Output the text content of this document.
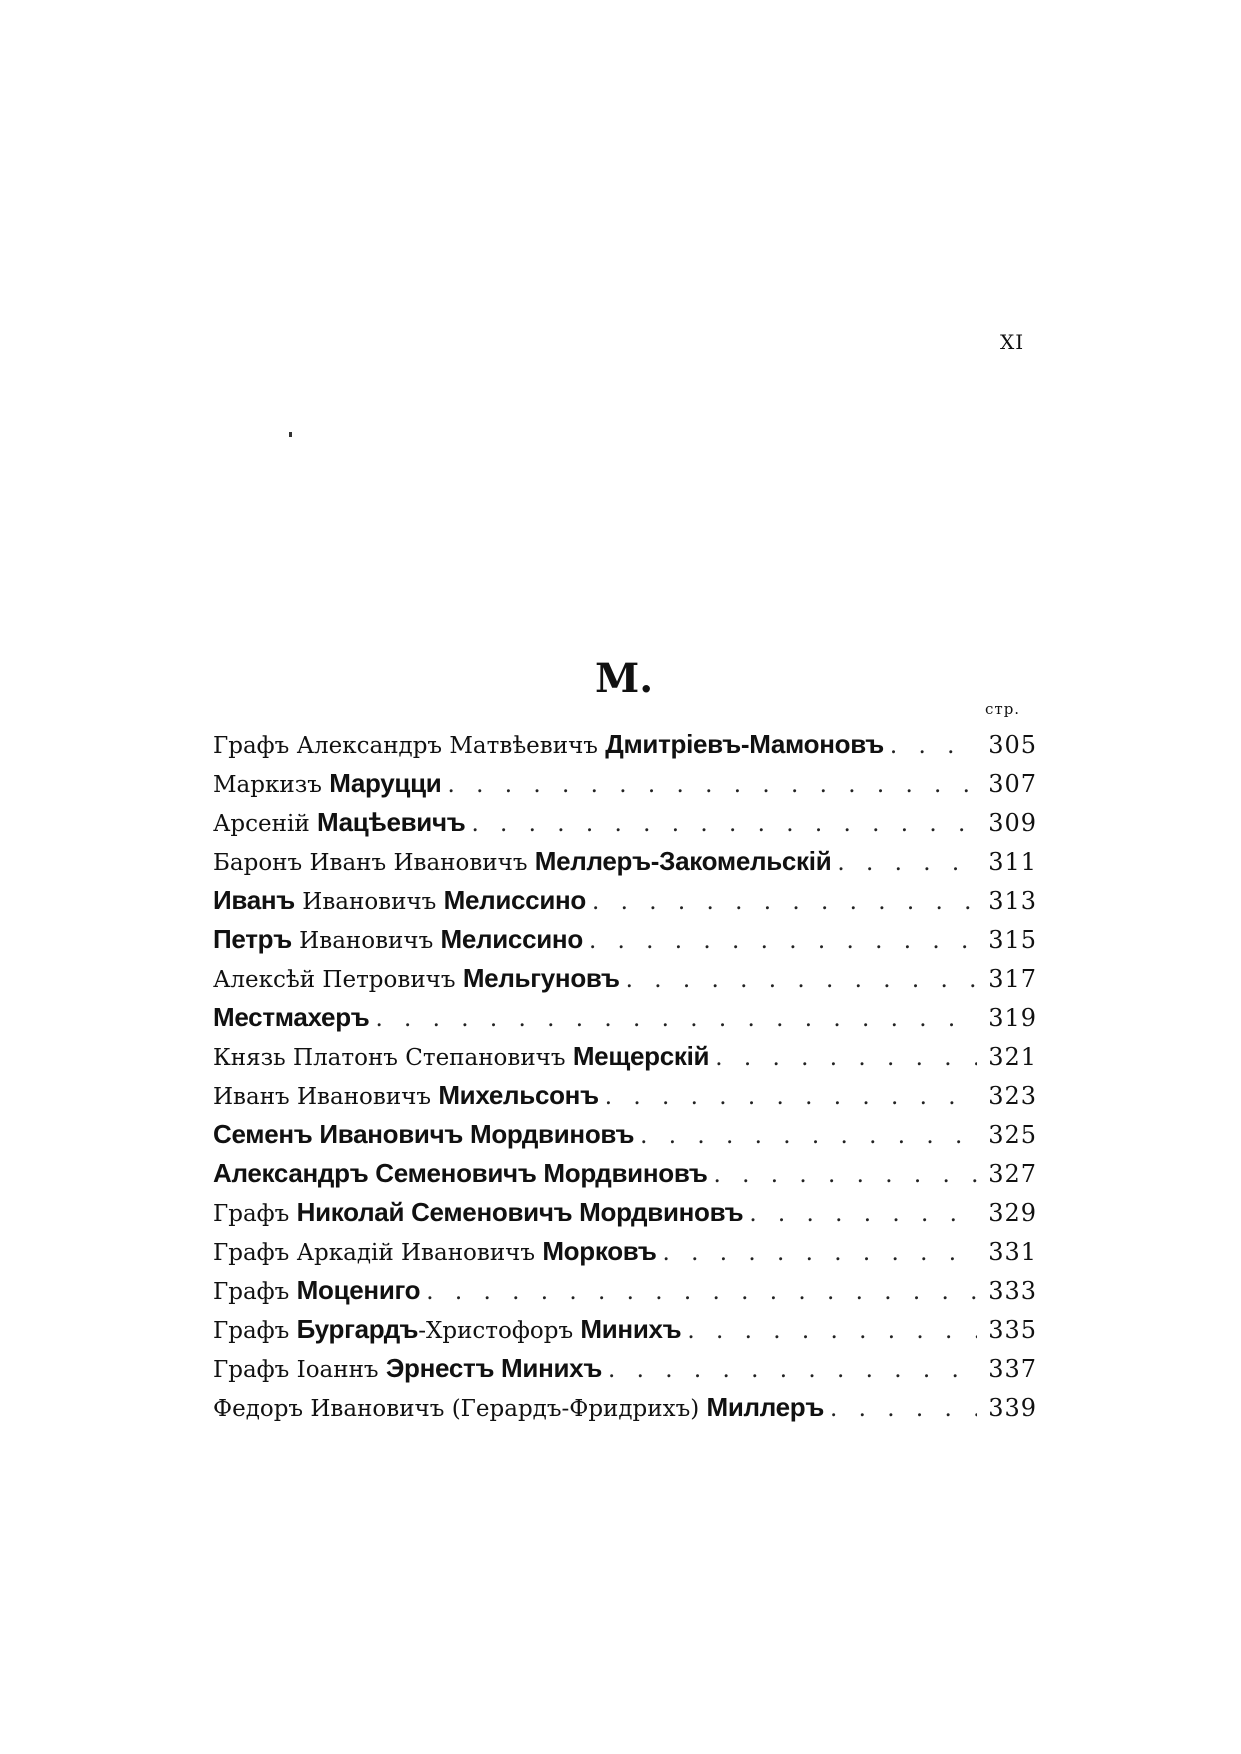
XI
М.
стр.
Графъ Александръ Матвѣевичъ Дмитріевъ-Мамоновъ . . .	305
Маркизъ Маруцци . . .	307
Арсеній Мацѣевичъ . . .	309
Баронъ Иванъ Ивановичъ Меллеръ-Закомельскій . . .	311
Иванъ Ивановичъ Мелиссино . . .	313
Петръ Ивановичъ Мелиссино . . .	315
Алексѣй Петровичъ Мельгуновъ . . .	317
Местмахеръ . . .	319
Князь Платонъ Степановичъ Мещерскій . . .	321
Иванъ Ивановичъ Михельсонъ . . .	323
Семенъ Ивановичъ Мордвиновъ . . .	325
Александръ Семеновичъ Мордвиновъ . . .	327
Графъ Николай Семеновичъ Мордвиновъ . . .	329
Графъ Аркадій Ивановичъ Морковъ . . .	331
Графъ Моцениго . . .	333
Графъ Бургардъ-Христофоръ Минихъ . . .	335
Графъ Іоаннъ Эрнестъ Минихъ . . .	337
Федоръ Ивановичъ (Герардъ-Фридрихъ) Миллеръ . . .	339
